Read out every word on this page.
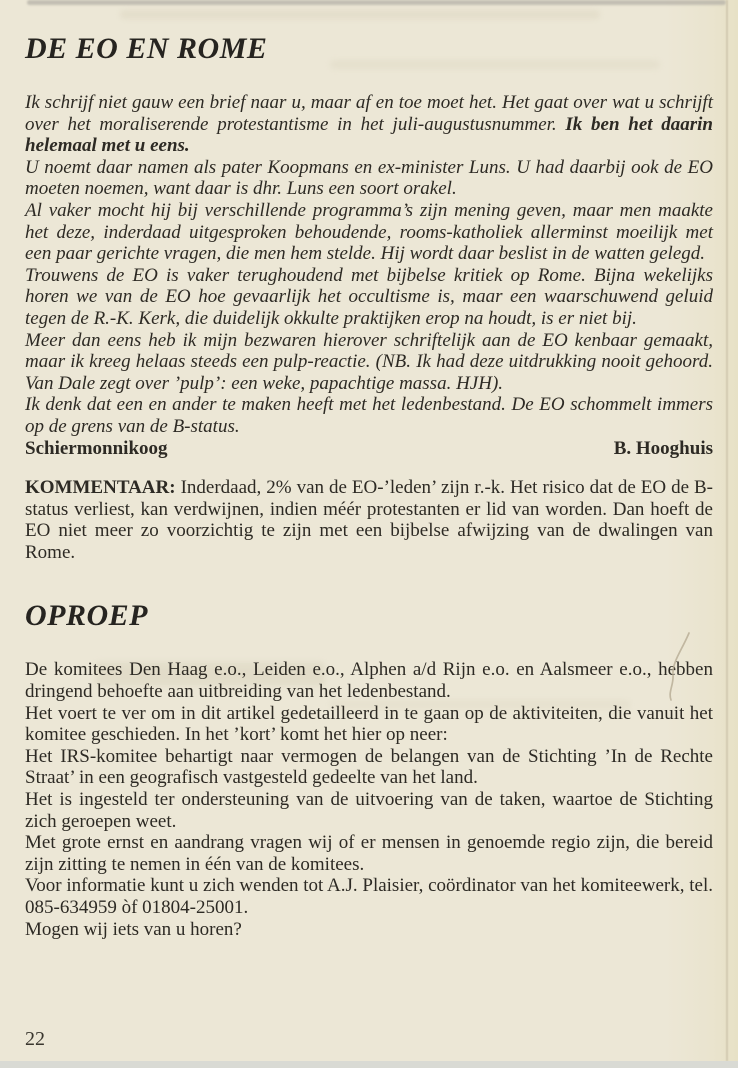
DE EO EN ROME

Ik schrijf niet gauw een brief naar u, maar af en toe moet het. Het gaat over wat u schrijft over het moraliserende protestantisme in het juli-augustusnummer. Ik ben het daarin helemaal met u eens.

U noemt daar namen als pater Koopmans en ex-minister Luns. U had daarbij ook de EO moeten noemen, want daar is dhr. Luns een soort orakel.

Al vaker mocht hij bij verschillende programma’s zijn mening geven, maar men maakte het deze, inderdaad uitgesproken behoudende, rooms-katholiek allerminst moeilijk met een paar gerichte vragen, die men hem stelde. Hij wordt daar beslist in de watten gelegd.

Trouwens de EO is vaker terughoudend met bijbelse kritiek op Rome. Bijna wekelijks horen we van de EO hoe gevaarlijk het occultisme is, maar een waarschuwend geluid tegen de R.-K. Kerk, die duidelijk okkulte praktijken erop na houdt, is er niet bij.

Meer dan eens heb ik mijn bezwaren hierover schriftelijk aan de EO kenbaar gemaakt, maar ik kreeg helaas steeds een pulp-reactie. (NB. Ik had deze uitdrukking nooit gehoord. Van Dale zegt over ’pulp’: een weke, papachtige massa. HJH).

Ik denk dat een en ander te maken heeft met het ledenbestand. De EO schommelt immers op de grens van de B-status.

Schiermonnikoog	B. Hooghuis

KOMMENTAAR: Inderdaad, 2% van de EO-’leden’ zijn r.-k. Het risico dat de EO de B-status verliest, kan verdwijnen, indien méér protestanten er lid van worden. Dan hoeft de EO niet meer zo voorzichtig te zijn met een bijbelse afwijzing van de dwalingen van Rome.

OPROEP

De komitees Den Haag e.o., Leiden e.o., Alphen a/d Rijn e.o. en Aalsmeer e.o., hebben dringend behoefte aan uitbreiding van het ledenbestand.

Het voert te ver om in dit artikel gedetailleerd in te gaan op de aktiviteiten, die vanuit het komitee geschieden. In het ’kort’ komt het hier op neer:

Het IRS-komitee behartigt naar vermogen de belangen van de Stichting ’In de Rechte Straat’ in een geografisch vastgesteld gedeelte van het land.

Het is ingesteld ter ondersteuning van de uitvoering van de taken, waartoe de Stichting zich geroepen weet.

Met grote ernst en aandrang vragen wij of er mensen in genoemde regio zijn, die bereid zijn zitting te nemen in één van de komitees.

Voor informatie kunt u zich wenden tot A.J. Plaisier, coördinator van het komiteewerk, tel. 085-634959 òf 01804-25001.

Mogen wij iets van u horen?

22
